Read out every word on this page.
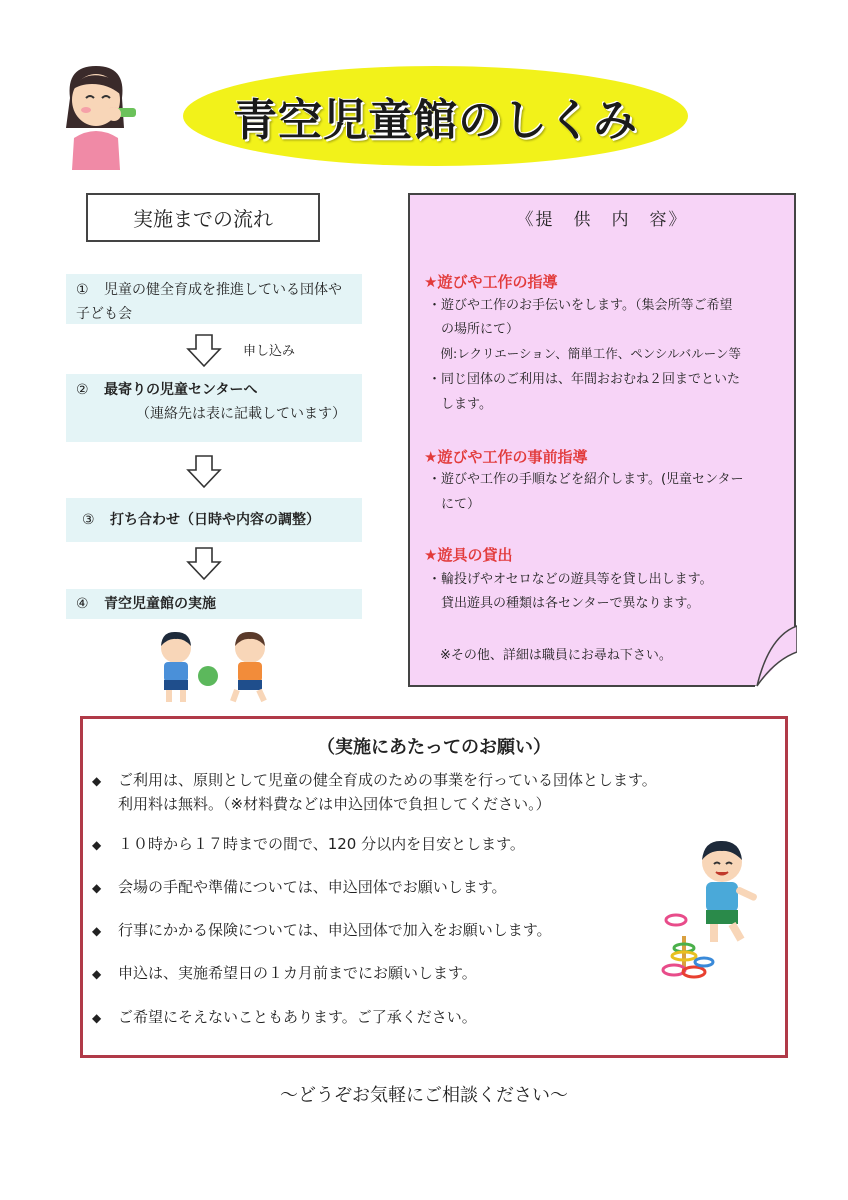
青空児童館のしくみ
実施までの流れ
① 児童の健全育成を推進している団体や
子ども会
申し込み
② 最寄りの児童センターへ
（連絡先は表に記載しています）
③	打ち合わせ（日時や内容の調整）
④	青空児童館の実施
《提　供　内　容》
★遊びや工作の指導
・遊びや工作のお手伝いをします。（集会所等ご希望
　の場所にて）
　例:レクリエーション、簡単工作、ペンシルバルーン等
・同じ団体のご利用は、年間おおむね２回までといた
　します。
★遊びや工作の事前指導
・遊びや工作の手順などを紹介します。(児童センター
　にて）
★遊具の貸出
・輪投げやオセロなどの遊具等を貸し出します。
　貸出遊具の種類は各センターで異なります。
※その他、詳細は職員にお尋ね下さい。
（実施にあたってのお願い）
◆ ご利用は、原則として児童の健全育成のための事業を行っている団体とします。
利用料は無料。（※材料費などは申込団体で負担してください。）
◆ １０時から１７時までの間で、120 分以内を目安とします。
◆ 会場の手配や準備については、申込団体でお願いします。
◆ 行事にかかる保険については、申込団体で加入をお願いします。
◆ 申込は、実施希望日の１カ月前までにお願いします。
◆ ご希望にそえないこともあります。ご了承ください。
～どうぞお気軽にご相談ください～
